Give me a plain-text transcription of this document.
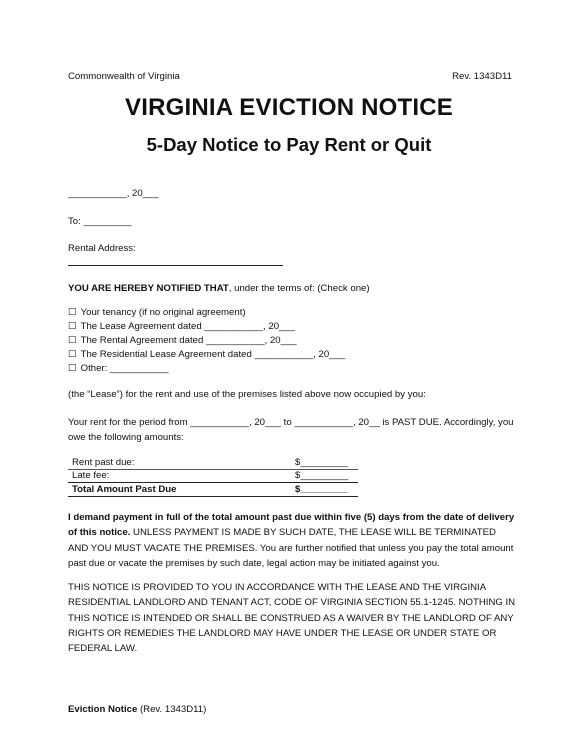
Commonwealth of Virginia	Rev. 1343D11
VIRGINIA EVICTION NOTICE
5-Day Notice to Pay Rent or Quit
___________, 20___
To: _________
Rental Address:
YOU ARE HEREBY NOTIFIED THAT, under the terms of: (Check one)
☐ Your tenancy (if no original agreement)
☐ The Lease Agreement dated ___________, 20___
☐ The Rental Agreement dated ___________, 20___
☐ The Residential Lease Agreement dated ___________, 20___
☐ Other: ___________
(the “Lease”) for the rent and use of the premises listed above now occupied by you:
Your rent for the period from ___________, 20___ to ___________, 20__ is PAST DUE. Accordingly, you
owe the following amounts:
Rent past due:	$_________
Late fee:	$_________
Total Amount Past Due	$_________
I demand payment in full of the total amount past due within five (5) days from the date of delivery of this notice. UNLESS PAYMENT IS MADE BY SUCH DATE, THE LEASE WILL BE TERMINATED AND YOU MUST VACATE THE PREMISES. You are further notified that unless you pay the total amount past due or vacate the premises by such date, legal action may be initiated against you.
THIS NOTICE IS PROVIDED TO YOU IN ACCORDANCE WITH THE LEASE AND THE VIRGINIA RESIDENTIAL LANDLORD AND TENANT ACT, CODE OF VIRGINIA SECTION 55.1-1245. NOTHING IN THIS NOTICE IS INTENDED OR SHALL BE CONSTRUED AS A WAIVER BY THE LANDLORD OF ANY RIGHTS OR REMEDIES THE LANDLORD MAY HAVE UNDER THE LEASE OR UNDER STATE OR FEDERAL LAW.
Eviction Notice (Rev. 1343D11)
